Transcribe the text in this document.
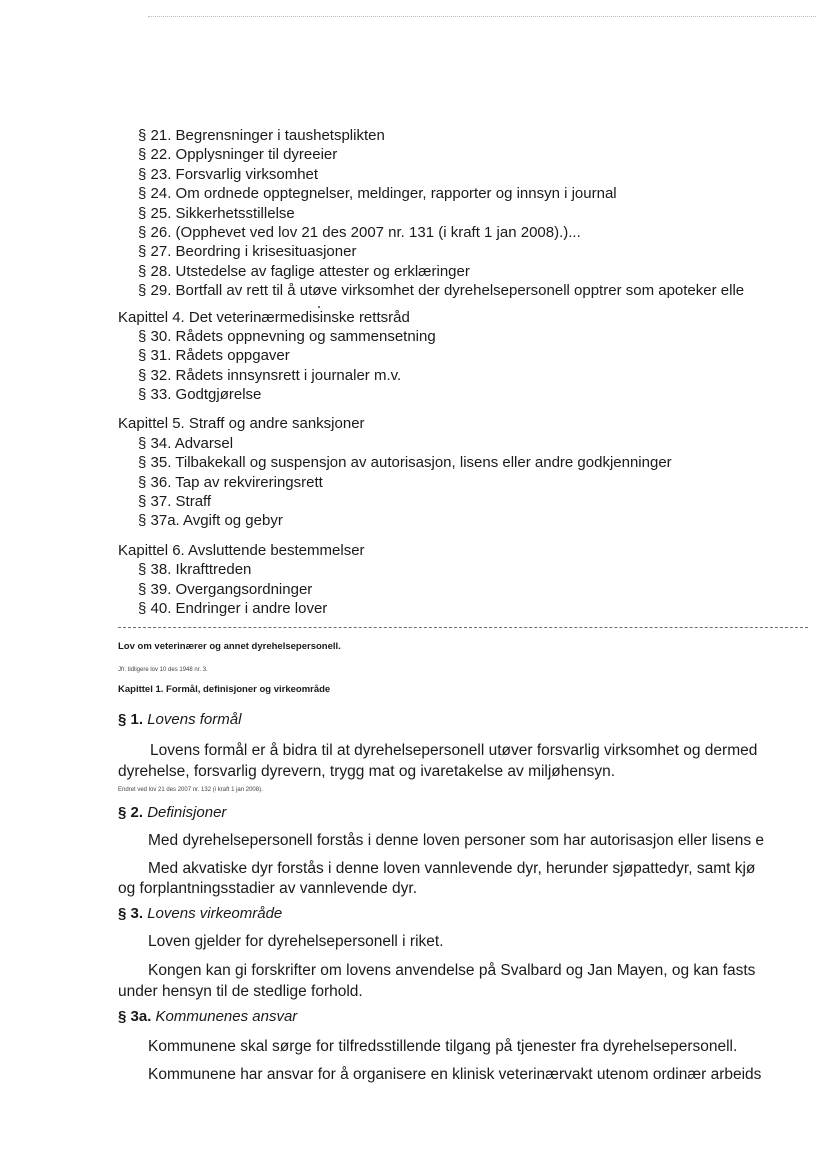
§ 21. Begrensninger i taushetsplikten
§ 22. Opplysninger til dyreeier
§ 23. Forsvarlig virksomhet
§ 24. Om ordnede opptegnelser, meldinger, rapporter og innsyn i journal
§ 25. Sikkerhetsstillelse
§ 26. (Opphevet ved lov 21 des 2007 nr. 131 (i kraft 1 jan 2008).)...
§ 27. Beordring i krisesituasjoner
§ 28. Utstedelse av faglige attester og erklæringer
§ 29. Bortfall av rett til å utøve virksomhet der dyrehelsepersonell opptrer som apoteker elle
Kapittel 4. Det veterinærmedisinske rettsråd
§ 30. Rådets oppnevning og sammensetning
§ 31. Rådets oppgaver
§ 32. Rådets innsynsrett i journaler m.v.
§ 33. Godtgjørelse
Kapittel 5. Straff og andre sanksjoner
§ 34. Advarsel
§ 35. Tilbakekall og suspensjon av autorisasjon, lisens eller andre godkjenninger
§ 36. Tap av rekvireringsrett
§ 37. Straff
§ 37a. Avgift og gebyr
Kapittel 6. Avsluttende bestemmelser
§ 38. Ikrafttreden
§ 39. Overgangsordninger
§ 40. Endringer i andre lover
Lov om veterinærer og annet dyrehelsepersonell.
Jfr. tidligere lov 10 des 1948 nr. 3.
Kapittel 1. Formål, definisjoner og virkeområde
§ 1. Lovens formål
Lovens formål er å bidra til at dyrehelsepersonell utøver forsvarlig virksomhet og dermed
dyrehelse, forsvarlig dyrevern, trygg mat og ivaretakelse av miljøhensyn.
Endret ved lov 21 des 2007 nr. 132 (i kraft 1 jan 2008).
§ 2. Definisjoner
Med dyrehelsepersonell forstås i denne loven personer som har autorisasjon eller lisens e
Med akvatiske dyr forstås i denne loven vannlevende dyr, herunder sjøpattedyr, samt kjø
og forplantningsstadier av vannlevende dyr.
§ 3. Lovens virkeområde
Loven gjelder for dyrehelsepersonell i riket.
Kongen kan gi forskrifter om lovens anvendelse på Svalbard og Jan Mayen, og kan fasts
under hensyn til de stedlige forhold.
§ 3a. Kommunenes ansvar
Kommunene skal sørge for tilfredsstillende tilgang på tjenester fra dyrehelsepersonell.
Kommunene har ansvar for å organisere en klinisk veterinærvakt utenom ordinær arbeids
